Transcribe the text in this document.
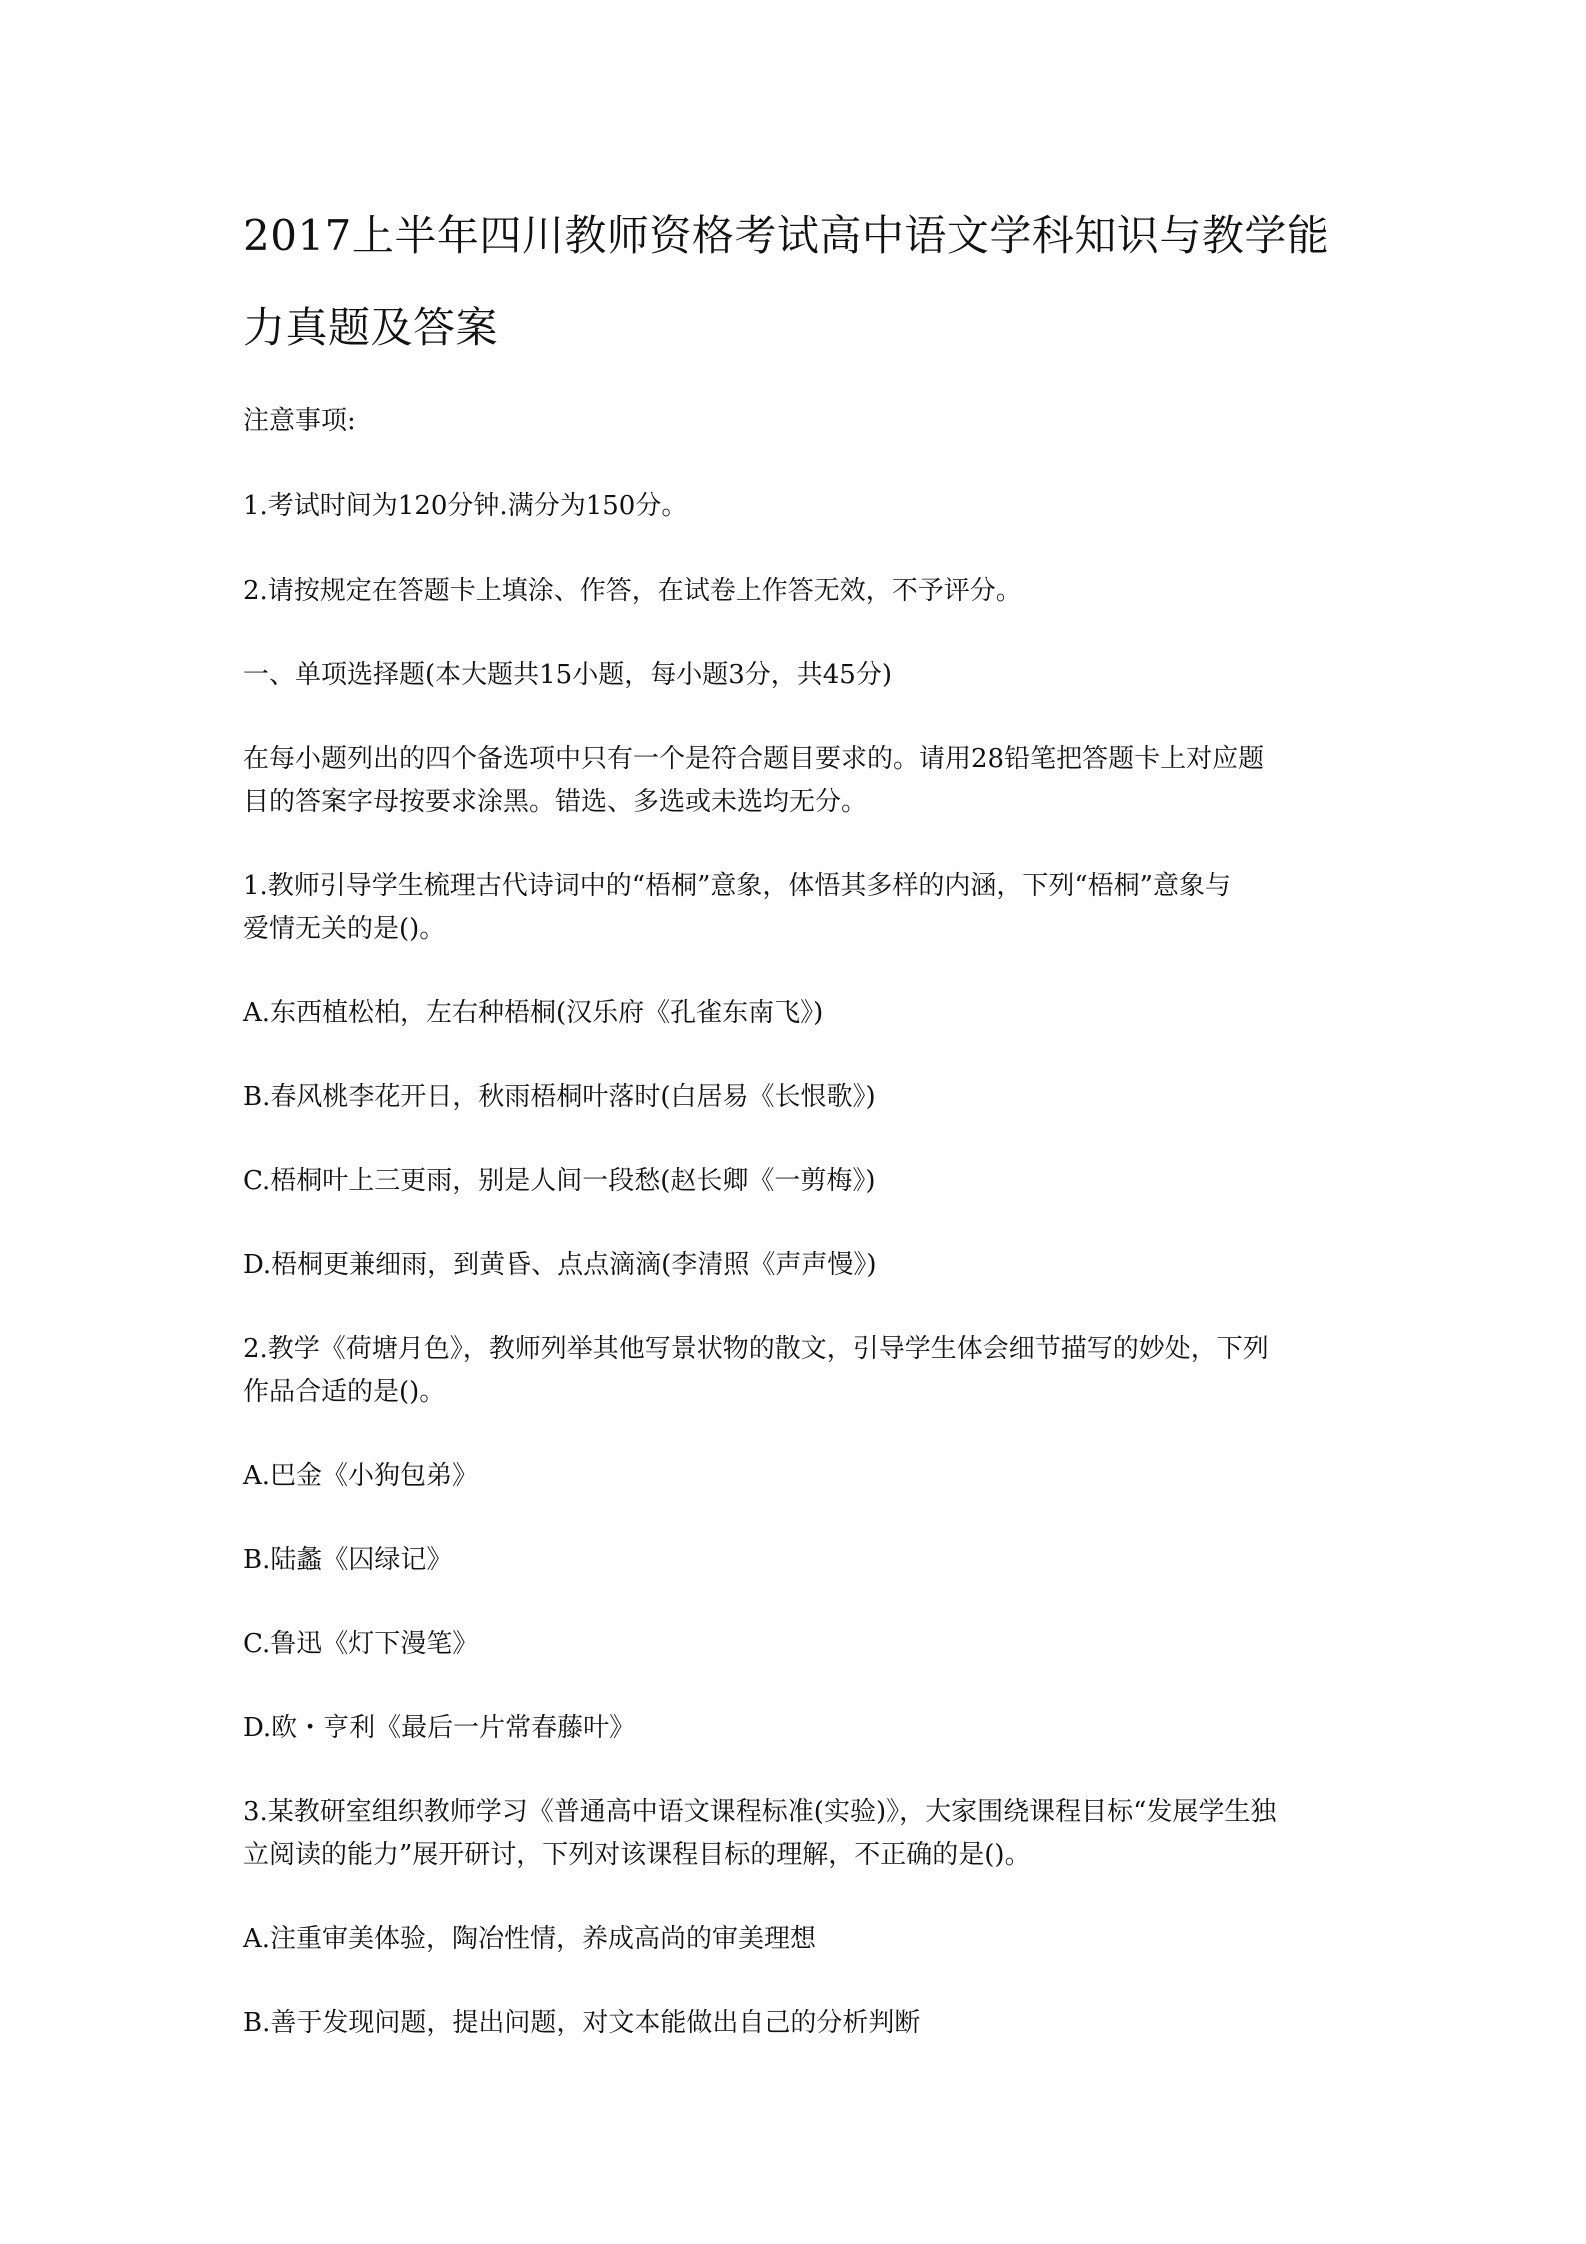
2017上半年四川教师资格考试高中语文学科知识与教学能
力真题及答案

注意事项:

1.考试时间为120分钟.满分为150分。

2.请按规定在答题卡上填涂、作答，在试卷上作答无效，不予评分。

一、单项选择题(本大题共15小题，每小题3分，共45分)

在每小题列出的四个备选项中只有一个是符合题目要求的。请用28铅笔把答题卡上对应题

目的答案字母按要求涂黑。错选、多选或未选均无分。

1.教师引导学生梳理古代诗词中的“梧桐”意象，体悟其多样的内涵，下列“梧桐”意象与

爱情无关的是()。

A.东西植松柏，左右种梧桐(汉乐府《孔雀东南飞》)

B.春风桃李花开日，秋雨梧桐叶落时(白居易《长恨歌》)

C.梧桐叶上三更雨，别是人间一段愁(赵长卿《一剪梅》)

D.梧桐更兼细雨，到黄昏、点点滴滴(李清照《声声慢》)

2.教学《荷塘月色》，教师列举其他写景状物的散文，引导学生体会细节描写的妙处，下列

作品合适的是()。

A.巴金《小狗包弟》

B.陆蠡《囚绿记》

C.鲁迅《灯下漫笔》

D.欧・亨利《最后一片常春藤叶》

3.某教研室组织教师学习《普通高中语文课程标准(实验)》，大家围绕课程目标“发展学生独

立阅读的能力”展开研讨，下列对该课程目标的理解，不正确的是()。

A.注重审美体验，陶冶性情，养成高尚的审美理想

B.善于发现问题，提出问题，对文本能做出自己的分析判断
